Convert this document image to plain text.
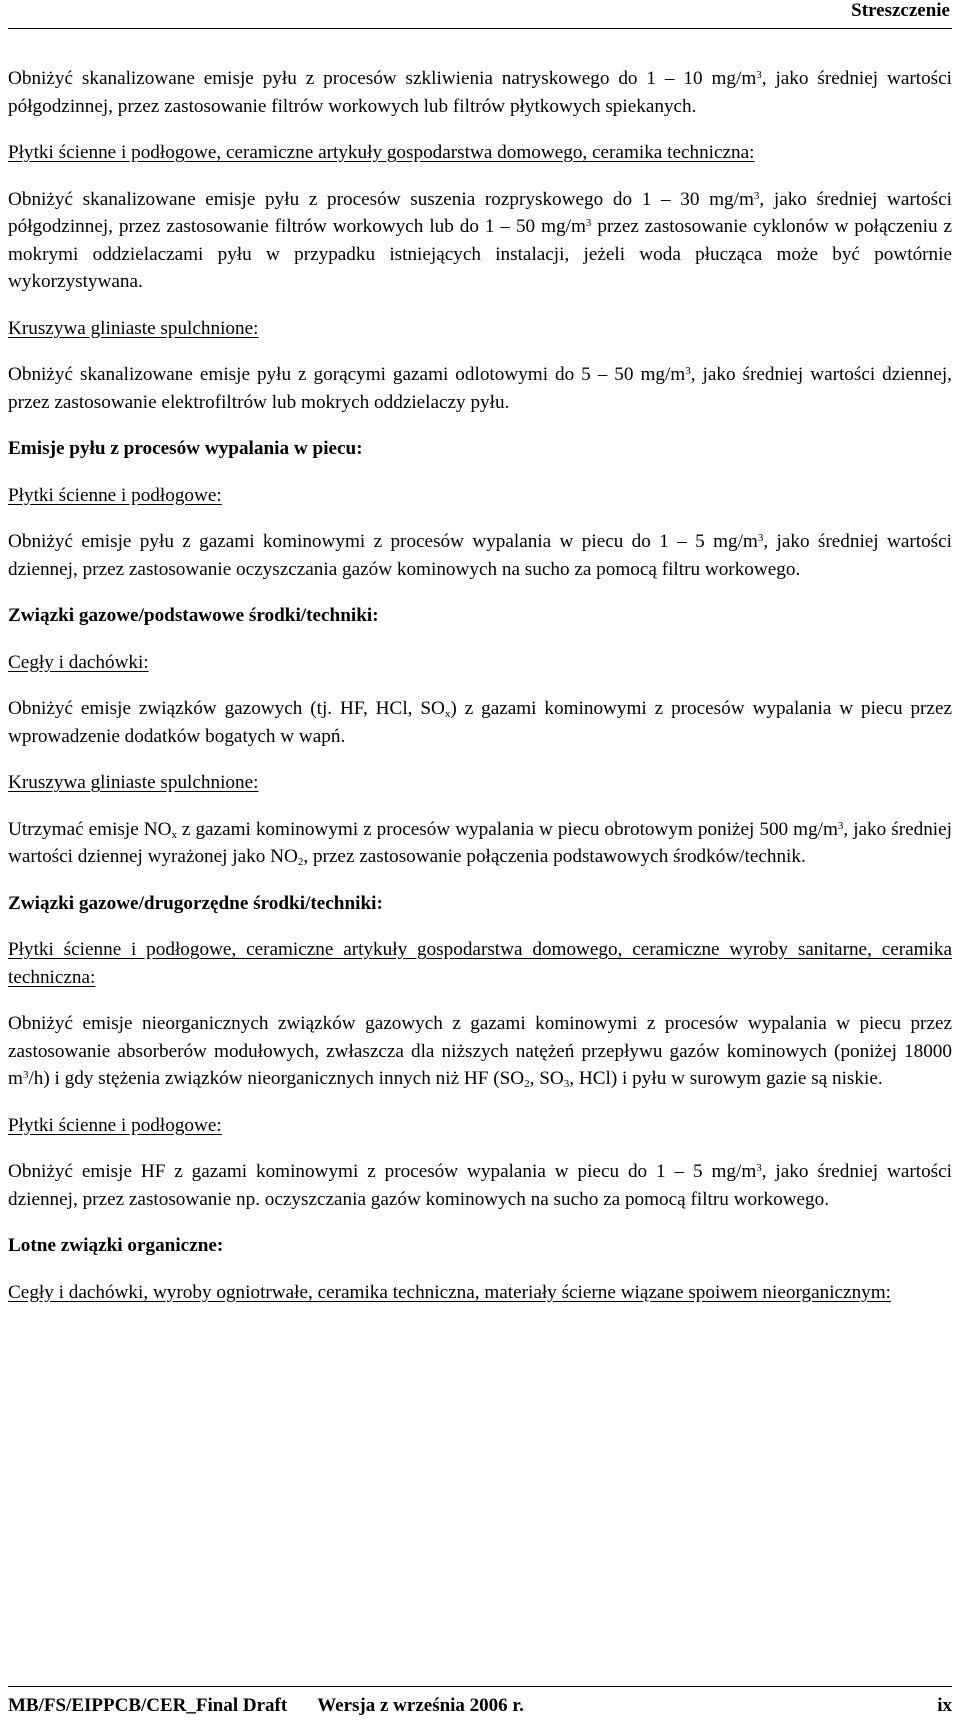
Streszczenie

Obniżyć skanalizowane emisje pyłu z procesów szkliwienia natryskowego do 1 – 10 $mg/m^3$, jako średniej wartości półgodzinnej, przez zastosowanie filtrów workowych lub filtrów płytkowych spiekanych.

Płytki ścienne i podłogowe, ceramiczne artykuły gospodarstwa domowego, ceramika techniczna:

Obniżyć skanalizowane emisje pyłu z procesów suszenia rozpryskowego do 1 – 30 $mg/m^3$, jako średniej wartości półgodzinnej, przez zastosowanie filtrów workowych lub do 1 – 50 $mg/m^3$ przez zastosowanie cyklonów w połączeniu z mokrymi oddzielaczami pyłu w przypadku istniejących instalacji, jeżeli woda płucząca może być powtórnie wykorzystywana.

Kruszywa gliniaste spulchnione:

Obniżyć skanalizowane emisje pyłu z gorącymi gazami odlotowymi do 5 – 50 $mg/m^3$, jako średniej wartości dziennej, przez zastosowanie elektrofiltrów lub mokrych oddzielaczy pyłu.

Emisje pyłu z procesów wypalania w piecu:

Płytki ścienne i podłogowe:

Obniżyć emisje pyłu z gazami kominowymi z procesów wypalania w piecu do 1 – 5 $mg/m^3$, jako średniej wartości dziennej, przez zastosowanie oczyszczania gazów kominowych na sucho za pomocą filtru workowego.

Związki gazowe/podstawowe środki/techniki:

Cegły i dachówki:

Obniżyć emisje związków gazowych (tj. HF, HCl, $SO_x$) z gazami kominowymi z procesów wypalania w piecu przez wprowadzenie dodatków bogatych w wapń.

Kruszywa gliniaste spulchnione:

Utrzymać emisje $NO_x$ z gazami kominowymi z procesów wypalania w piecu obrotowym poniżej 500 $mg/m^3$, jako średniej wartości dziennej wyrażonej jako $NO_2$, przez zastosowanie połączenia podstawowych środków/technik.

Związki gazowe/drugorzędne środki/techniki:

Płytki ścienne i podłogowe, ceramiczne artykuły gospodarstwa domowego, ceramiczne wyroby sanitarne, ceramika techniczna:

Obniżyć emisje nieorganicznych związków gazowych z gazami kominowymi z procesów wypalania w piecu przez zastosowanie absorberów modułowych, zwłaszcza dla niższych natężeń przepływu gazów kominowych (poniżej 18000 $m^3/h$) i gdy stężenia związków nieorganicznych innych niż HF ($SO_2$, $SO_3$, HCl) i pyłu w surowym gazie są niskie.

Płytki ścienne i podłogowe:

Obniżyć emisje HF z gazami kominowymi z procesów wypalania w piecu do 1 – 5 $mg/m^3$, jako średniej wartości dziennej, przez zastosowanie np. oczyszczania gazów kominowych na sucho za pomocą filtru workowego.

Lotne związki organiczne:

Cegły i dachówki, wyroby ogniotrwałe, ceramika techniczna, materiały ścierne wiązane spoiwem nieorganicznym:

MB/FS/EIPPCB/CER_Final Draft Wersja z września 2006 r.	ix
